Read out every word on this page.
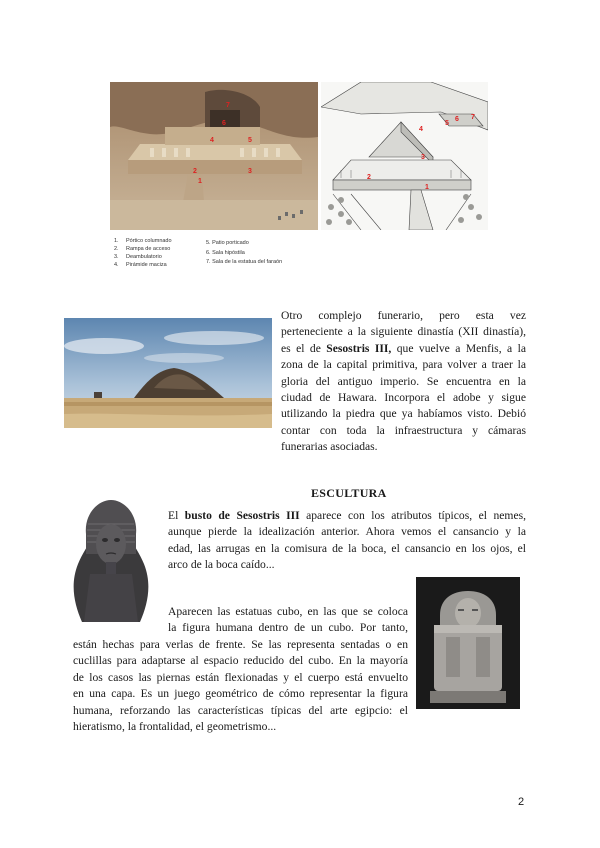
1
2	3
4	5
6
7
1
2
3
4
5
6 7
1.	Pórtico columnado
2.	Rampa de acceso
3.	Deambulatorio
4.	Pirámide maciza
5. Patio porticado
6. Sala hipóstila
7. Sala de la estatua del faraón
Otro complejo funerario, pero esta vez
perteneciente a la siguiente dinastía (XII dinastía),
es el de Sesostris III, que vuelve a Menfis, a la
zona de la capital primitiva, para volver a traer la
gloria del antiguo imperio. Se encuentra en la
ciudad de Hawara. Incorpora el adobe y sigue
utilizando la piedra que ya habíamos visto. Debió
contar con toda la infraestructura y cámaras
funerarias asociadas.
ESCULTURA
El busto de Sesostris III aparece con los atributos típicos, el nemes,
aunque pierde la idealización anterior. Ahora vemos el cansancio y la
edad, las arrugas en la comisura de la boca, el cansancio en los ojos, el
arco de la boca caído...
Aparecen las estatuas cubo, en las que se coloca
la figura humana dentro de un cubo. Por tanto,
están hechas para verlas de frente. Se las representa sentadas o en
cuclillas para adaptarse al espacio reducido del cubo. En la mayoría
de los casos las piernas están flexionadas y el cuerpo está envuelto
en una capa. Es un juego geométrico de cómo representar la figura
humana, reforzando las características típicas del arte egipcio: el
hieratismo, la frontalidad, el geometrismo...
2
